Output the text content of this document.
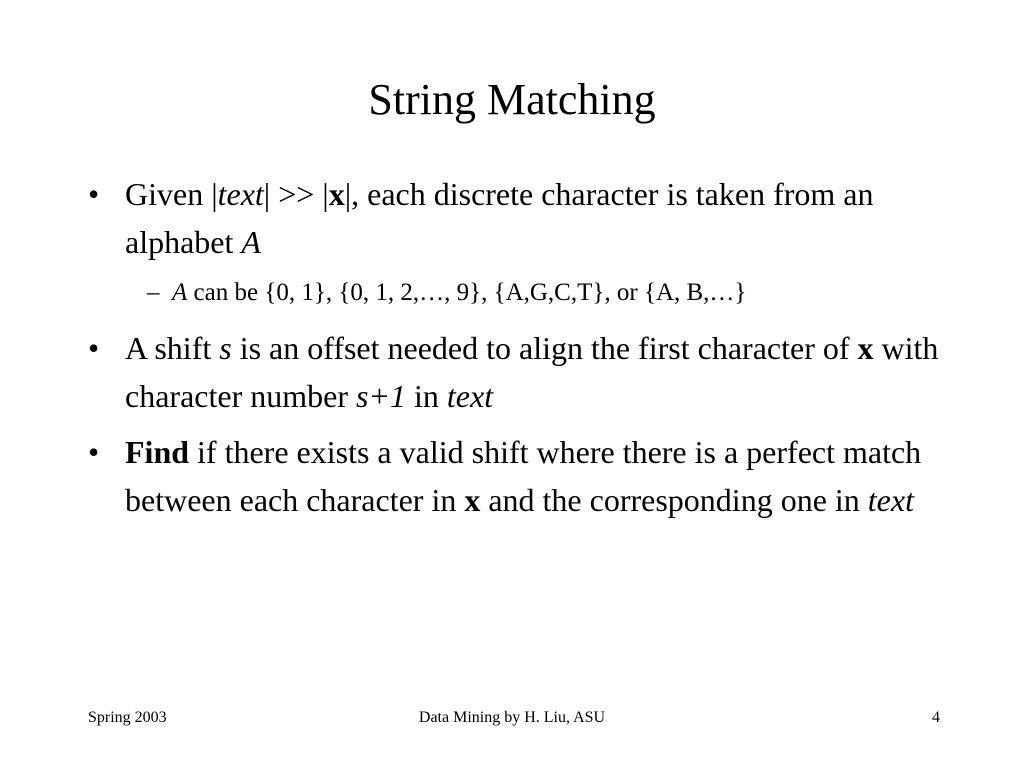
String Matching
• Given |text| >> |x|, each discrete character is taken from an alphabet A
– A can be {0, 1}, {0, 1, 2,…, 9}, {A,G,C,T}, or {A, B,…}
• A shift s is an offset needed to align the first character of x with character number s+1 in text
• Find if there exists a valid shift where there is a perfect match between each character in x and the corresponding one in text
Spring 2003	Data Mining by H. Liu, ASU	4
